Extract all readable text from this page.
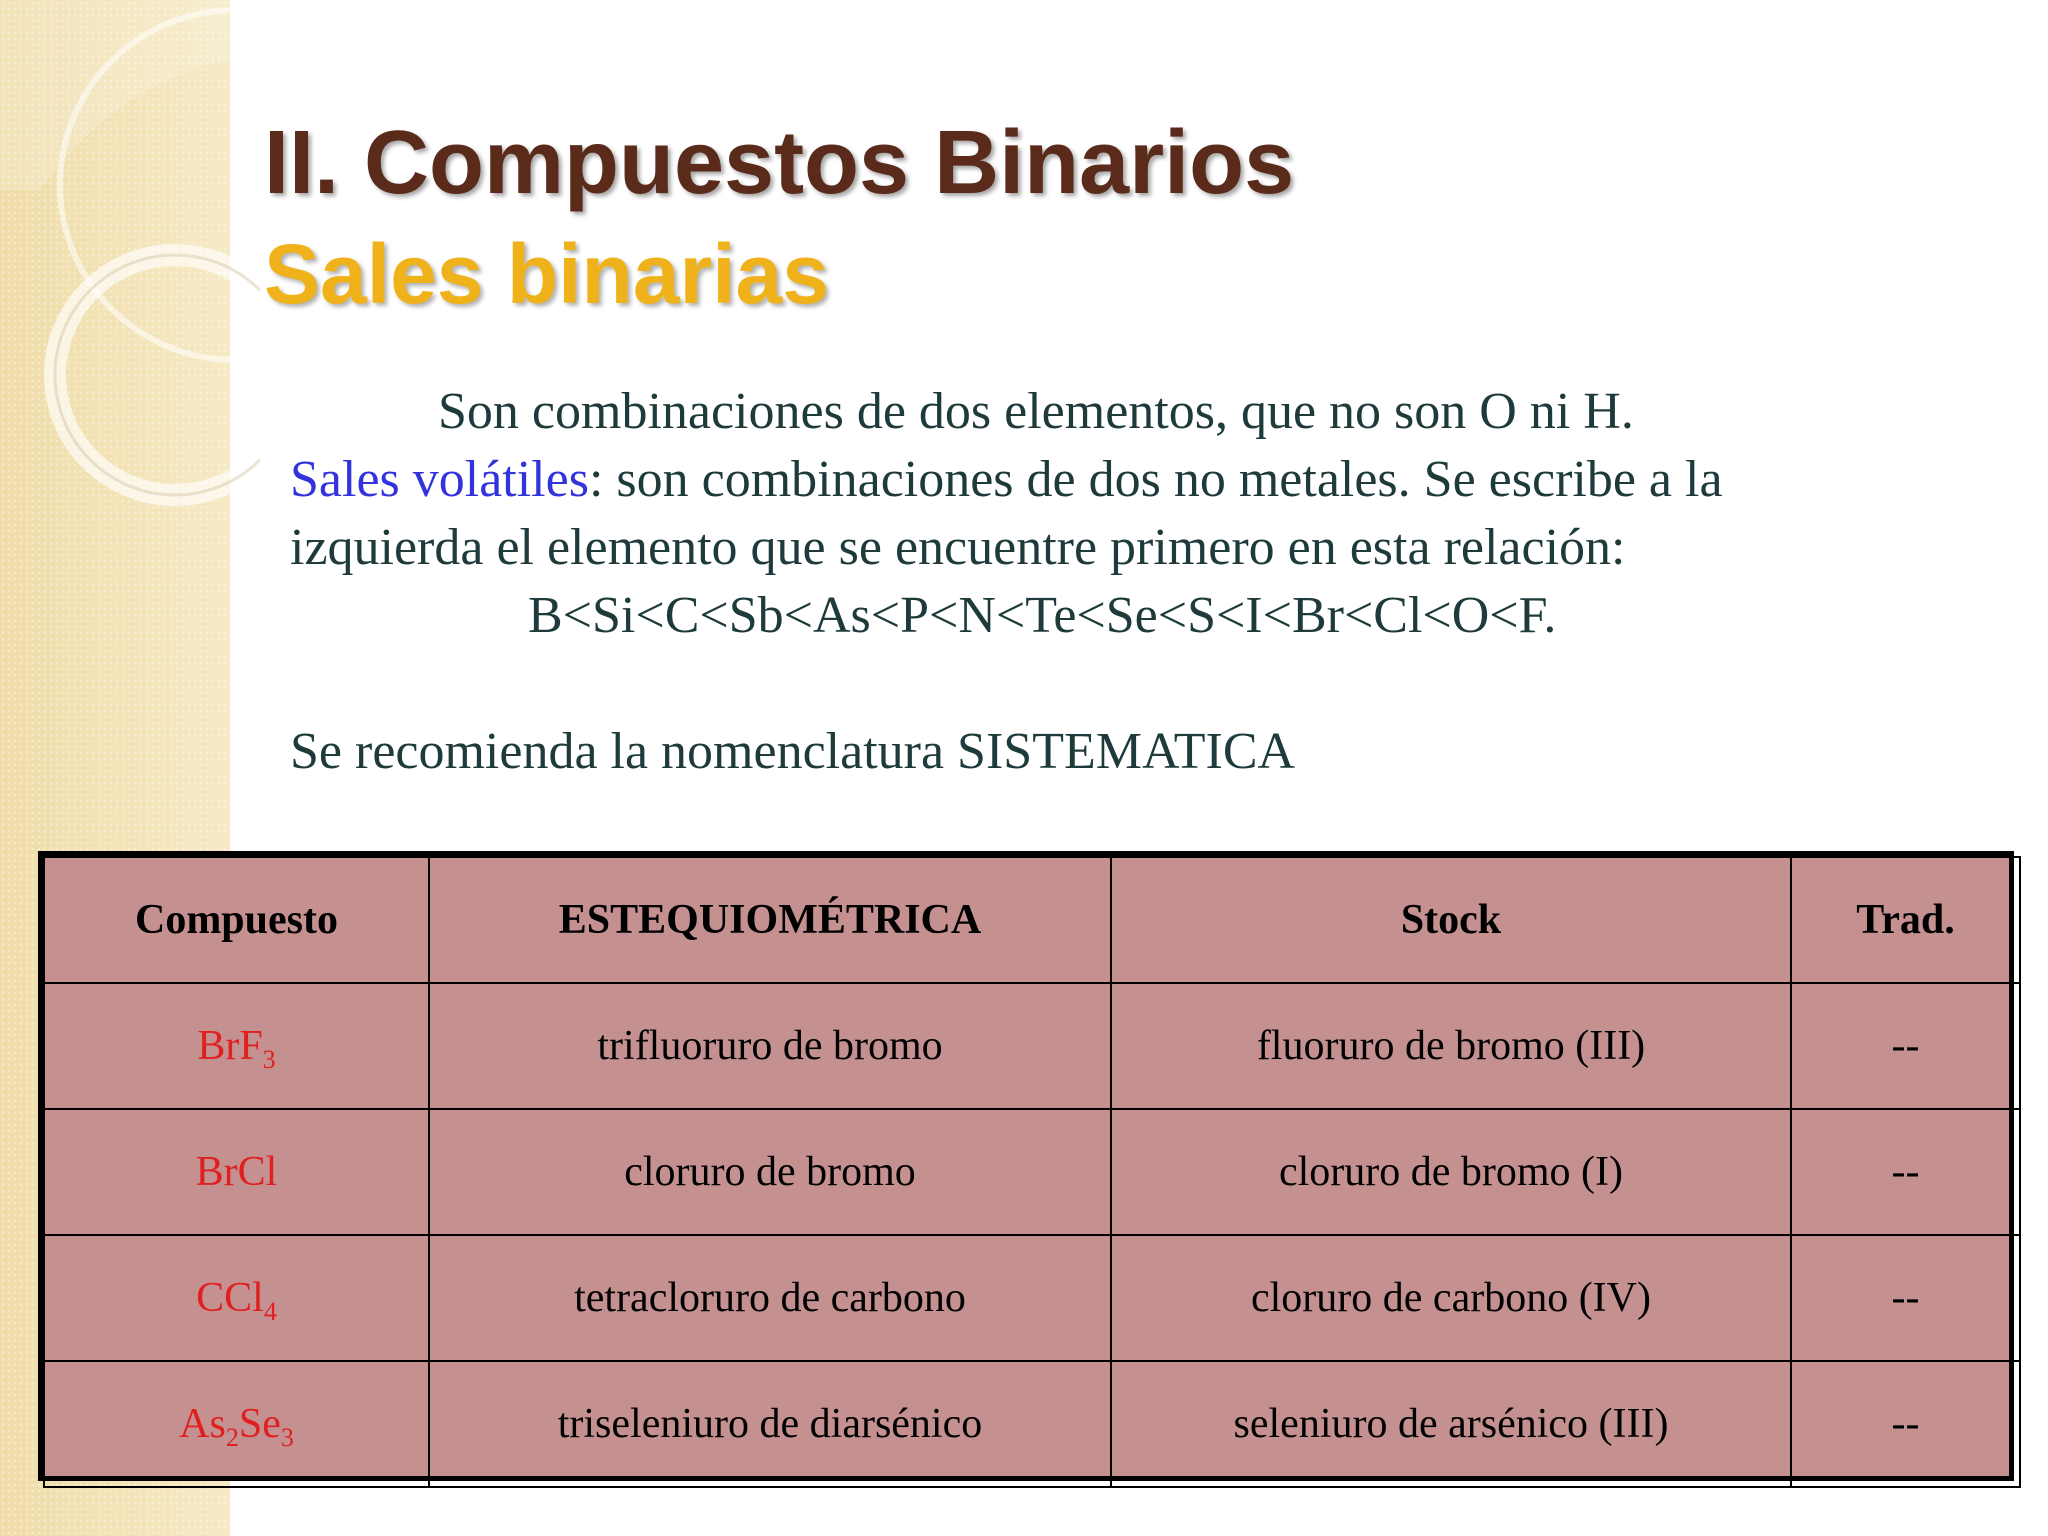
II. Compuestos Binarios
Sales binarias
Son combinaciones de dos elementos, que no son O ni H.
Sales volátiles: son combinaciones de dos no metales. Se escribe a la
izquierda el elemento que se encuentre primero en esta relación:
B<Si<C<Sb<As<P<N<Te<Se<S<I<Br<Cl<O<F.
Se recomienda la nomenclatura SISTEMATICA
Compuesto	ESTEQUIOMÉTRICA	Stock	Trad.
BrF$_3$	trifluoruro de bromo	fluoruro de bromo (III)	--
BrCl	cloruro de bromo	cloruro de bromo (I)	--
CCl$_4$	tetracloruro de carbono	cloruro de carbono (IV)	--
$As_2Se_3$	triseleniuro de diarsénico	seleniuro de arsénico (III)	--
